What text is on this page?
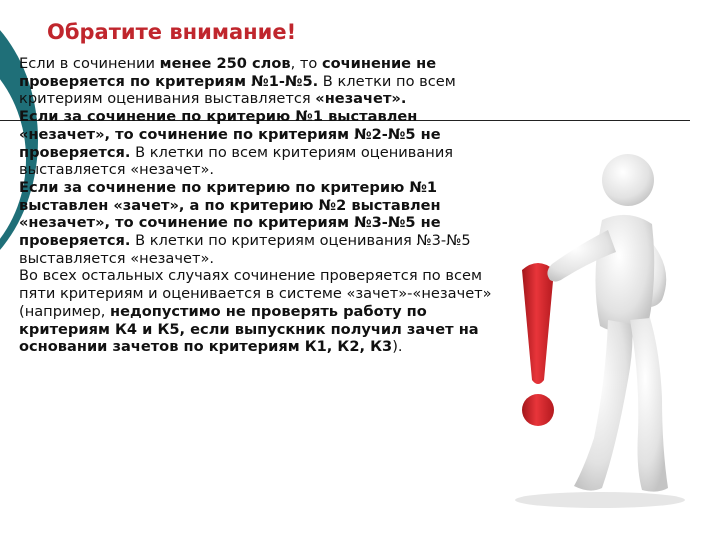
Обратите внимание!

Если в сочинении менее 250 слов, то сочинение не проверяется по критериям №1-№5. В клетки по всем критериям оценивания выставляется «незачет».

Если за сочинение по критерию №1 выставлен «незачет», то сочинение по критериям №2-№5 не проверяется. В клетки по всем критериям оценивания выставляется «незачет».

Если за сочинение по критерию по критерию №1 выставлен «зачет», а по критерию №2 выставлен «незачет», то сочинение по критериям №3-№5 не проверяется. В клетки по критериям оценивания №3-№5 выставляется «незачет».

Во всех остальных случаях сочинение проверяется по всем пяти критериям и оценивается в системе «зачет»-«незачет» (например, недопустимо не проверять работу по критериям К4 и К5, если выпускник получил зачет на основании зачетов по критериям К1, К2, К3).
